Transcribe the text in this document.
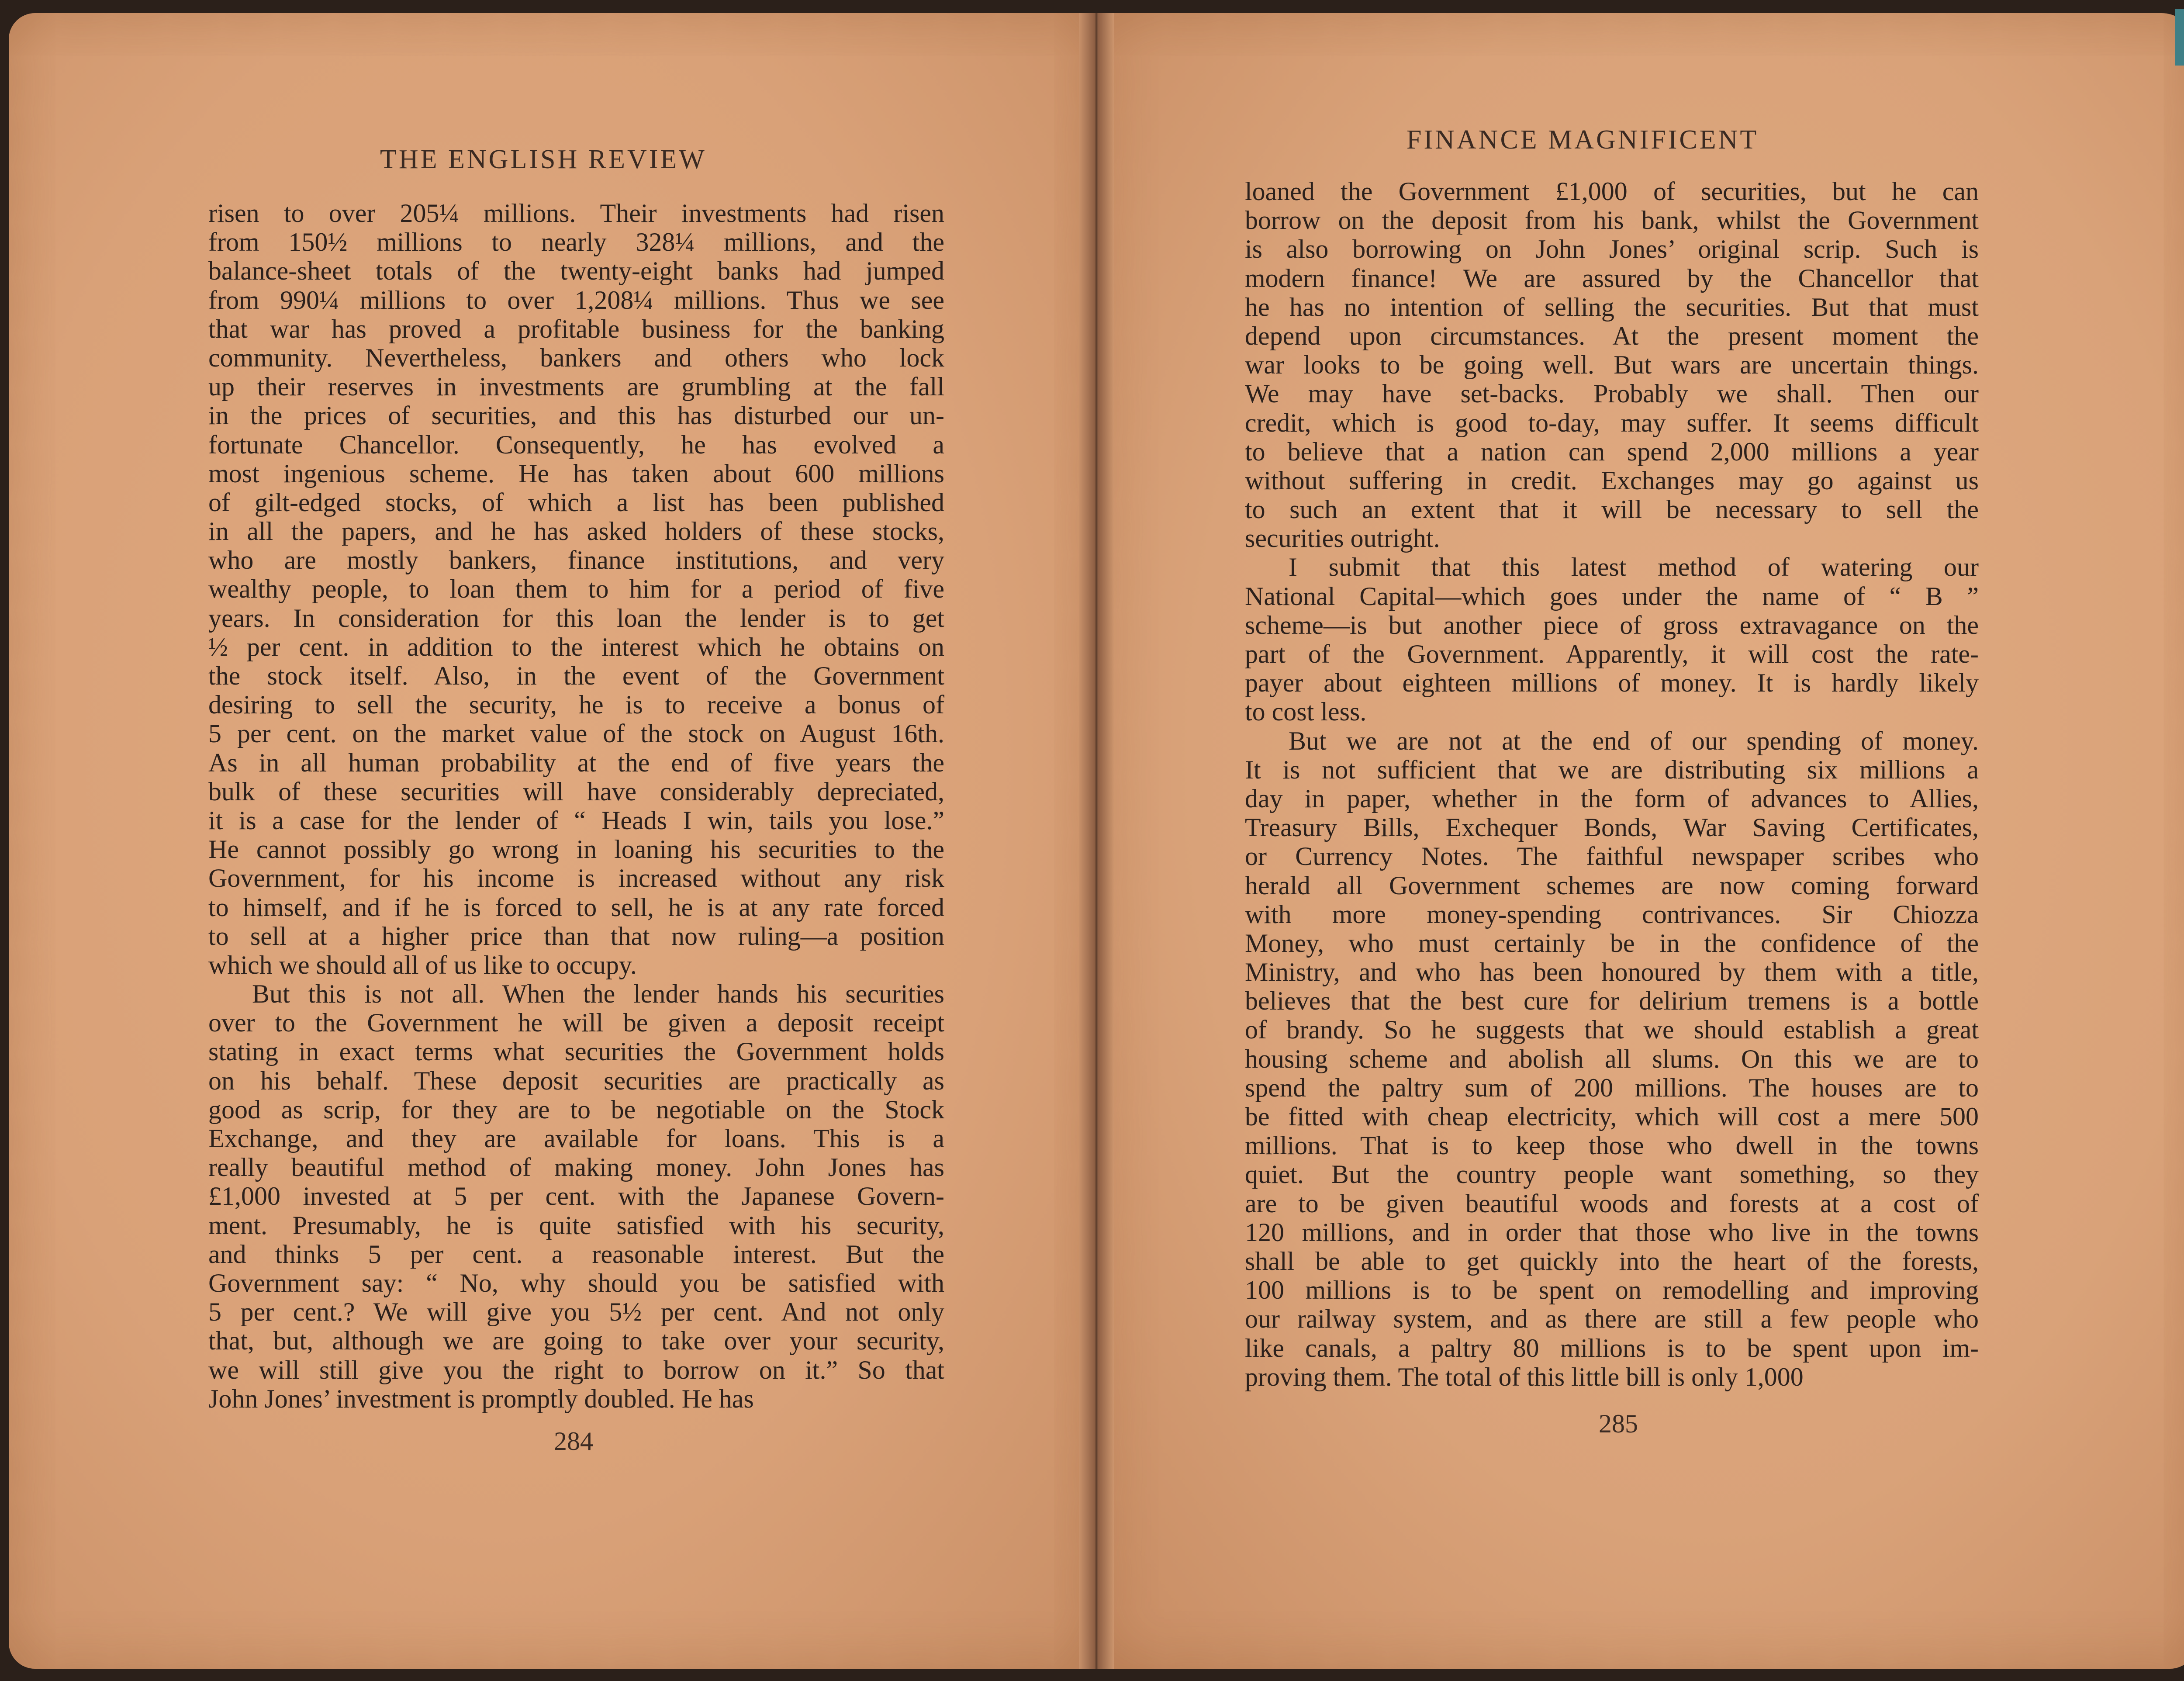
THE ENGLISH REVIEW
risen to over 205¼ millions. Their investments had risen
from 150½ millions to nearly 328¼ millions, and the
balance-sheet totals of the twenty-eight banks had jumped
from 990¼ millions to over 1,208¼ millions. Thus we see
that war has proved a profitable business for the banking
community. Nevertheless, bankers and others who lock
up their reserves in investments are grumbling at the fall
in the prices of securities, and this has disturbed our un-
fortunate Chancellor. Consequently, he has evolved a
most ingenious scheme. He has taken about 600 millions
of gilt-edged stocks, of which a list has been published
in all the papers, and he has asked holders of these stocks,
who are mostly bankers, finance institutions, and very
wealthy people, to loan them to him for a period of five
years. In consideration for this loan the lender is to get
½ per cent. in addition to the interest which he obtains on
the stock itself. Also, in the event of the Government
desiring to sell the security, he is to receive a bonus of
5 per cent. on the market value of the stock on August 16th.
As in all human probability at the end of five years the
bulk of these securities will have considerably depreciated,
it is a case for the lender of “ Heads I win, tails you lose.”
He cannot possibly go wrong in loaning his securities to the
Government, for his income is increased without any risk
to himself, and if he is forced to sell, he is at any rate forced
to sell at a higher price than that now ruling—a position
which we should all of us like to occupy.
But this is not all. When the lender hands his securities
over to the Government he will be given a deposit receipt
stating in exact terms what securities the Government holds
on his behalf. These deposit securities are practically as
good as scrip, for they are to be negotiable on the Stock
Exchange, and they are available for loans. This is a
really beautiful method of making money. John Jones has
£1,000 invested at 5 per cent. with the Japanese Govern-
ment. Presumably, he is quite satisfied with his security,
and thinks 5 per cent. a reasonable interest. But the
Government say: “ No, why should you be satisfied with
5 per cent.? We will give you 5½ per cent. And not only
that, but, although we are going to take over your security,
we will still give you the right to borrow on it.” So that
John Jones’ investment is promptly doubled. He has
284
FINANCE MAGNIFICENT
loaned the Government £1,000 of securities, but he can
borrow on the deposit from his bank, whilst the Government
is also borrowing on John Jones’ original scrip. Such is
modern finance! We are assured by the Chancellor that
he has no intention of selling the securities. But that must
depend upon circumstances. At the present moment the
war looks to be going well. But wars are uncertain things.
We may have set-backs. Probably we shall. Then our
credit, which is good to-day, may suffer. It seems difficult
to believe that a nation can spend 2,000 millions a year
without suffering in credit. Exchanges may go against us
to such an extent that it will be necessary to sell the
securities outright.
I submit that this latest method of watering our
National Capital—which goes under the name of “ B ”
scheme—is but another piece of gross extravagance on the
part of the Government. Apparently, it will cost the rate-
payer about eighteen millions of money. It is hardly likely
to cost less.
But we are not at the end of our spending of money.
It is not sufficient that we are distributing six millions a
day in paper, whether in the form of advances to Allies,
Treasury Bills, Exchequer Bonds, War Saving Certificates,
or Currency Notes. The faithful newspaper scribes who
herald all Government schemes are now coming forward
with more money-spending contrivances. Sir Chiozza
Money, who must certainly be in the confidence of the
Ministry, and who has been honoured by them with a title,
believes that the best cure for delirium tremens is a bottle
of brandy. So he suggests that we should establish a great
housing scheme and abolish all slums. On this we are to
spend the paltry sum of 200 millions. The houses are to
be fitted with cheap electricity, which will cost a mere 500
millions. That is to keep those who dwell in the towns
quiet. But the country people want something, so they
are to be given beautiful woods and forests at a cost of
120 millions, and in order that those who live in the towns
shall be able to get quickly into the heart of the forests,
100 millions is to be spent on remodelling and improving
our railway system, and as there are still a few people who
like canals, a paltry 80 millions is to be spent upon im-
proving them. The total of this little bill is only 1,000
285
